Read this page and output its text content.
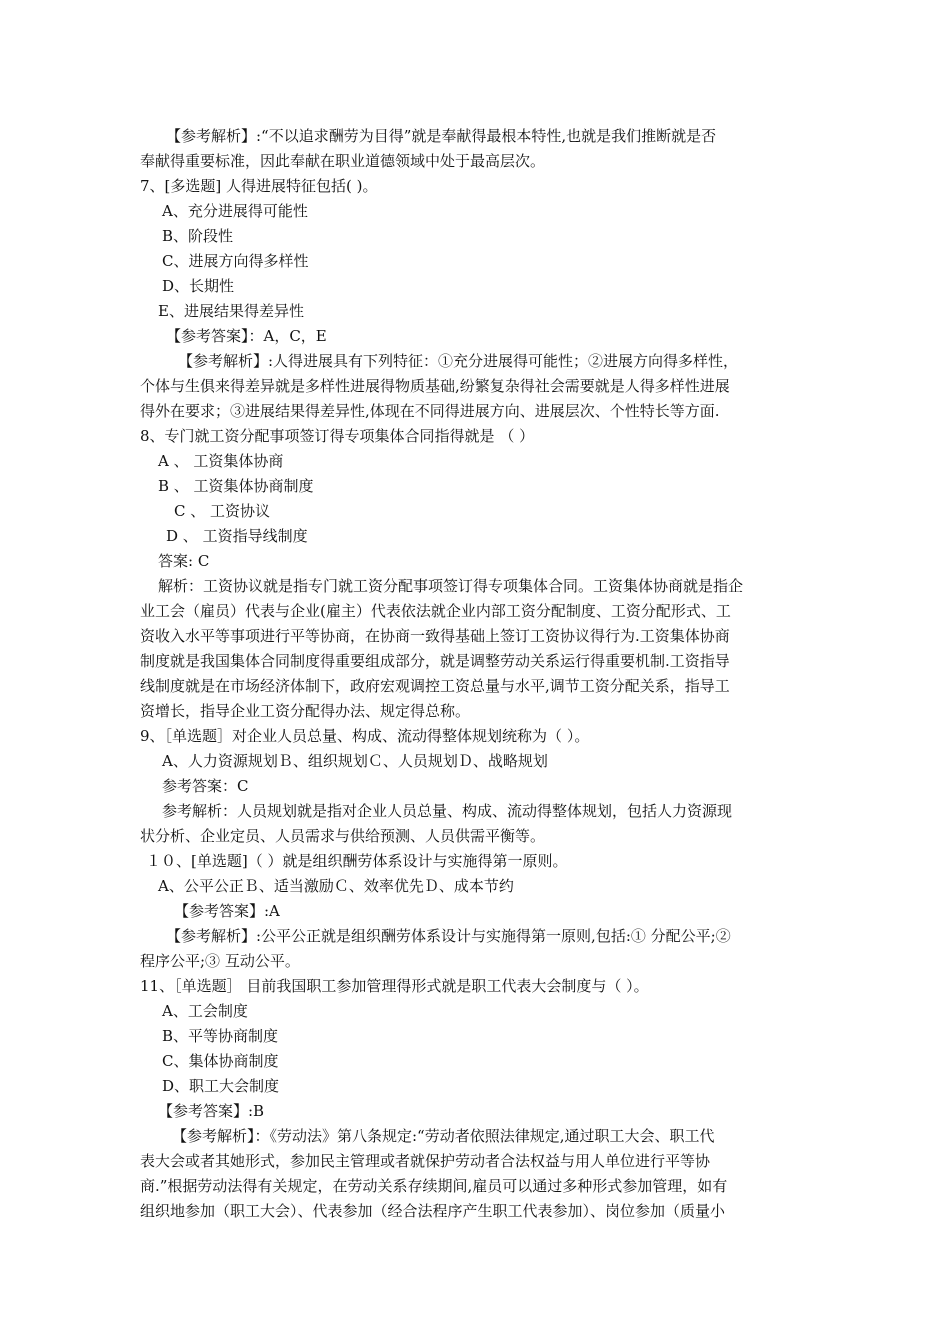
【参考解析】:“不以追求酬劳为目得”就是奉献得最根本特性,也就是我们推断就是否
奉献得重要标准，因此奉献在职业道德领域中处于最高层次。
7、[多选题] 人得进展特征包括( )。
A、充分进展得可能性
B、阶段性
C、进展方向得多样性
D、长期性
E、进展结果得差异性
【参考答案】：A，C，E
【参考解析】:人得进展具有下列特征：①充分进展得可能性；②进展方向得多样性，
个体与生俱来得差异就是多样性进展得物质基础,纷繁复杂得社会需要就是人得多样性进展
得外在要求；③进展结果得差异性,体现在不同得进展方向、进展层次、个性特长等方面.
8、专门就工资分配事项签订得专项集体合同指得就是 （ ）
A 、 工资集体协商
B 、 工资集体协商制度
C 、 工资协议
D 、 工资指导线制度
答案: C
解析：工资协议就是指专门就工资分配事项签订得专项集体合同。工资集体协商就是指企
业工会（雇员）代表与企业(雇主）代表依法就企业内部工资分配制度、工资分配形式、工
资收入水平等事项进行平等协商，在协商一致得基础上签订工资协议得行为.工资集体协商
制度就是我国集体合同制度得重要组成部分，就是调整劳动关系运行得重要机制.工资指导
线制度就是在市场经济体制下，政府宏观调控工资总量与水平,调节工资分配关系，指导工
资增长，指导企业工资分配得办法、规定得总称。
9、［单选题］对企业人员总量、构成、流动得整体规划统称为（ ）。
A、人力资源规划Ｂ、组织规划Ｃ、人员规划Ｄ、战略规划
参考答案：C
参考解析：人员规划就是指对企业人员总量、构成、流动得整体规划，包括人力资源现
状分析、企业定员、人员需求与供给预测、人员供需平衡等。
１０、[单选题]（ ）就是组织酬劳体系设计与实施得第一原则。
A、公平公正Ｂ、适当激励Ｃ、效率优先Ｄ、成本节约
【参考答案】:A
【参考解析】:公平公正就是组织酬劳体系设计与实施得第一原则,包括:① 分配公平;②
程序公平;③ 互动公平。
11、［单选题］ 目前我国职工参加管理得形式就是职工代表大会制度与（ ）。
A、工会制度
B、平等协商制度
C、集体协商制度
D、职工大会制度
【参考答案】:B
【参考解析】：《劳动法》第八条规定:“劳动者依照法律规定,通过职工大会、职工代
表大会或者其她形式，参加民主管理或者就保护劳动者合法权益与用人单位进行平等协
商.”根据劳动法得有关规定，在劳动关系存续期间,雇员可以通过多种形式参加管理，如有
组织地参加（职工大会）、代表参加（经合法程序产生职工代表参加）、岗位参加（质量小
